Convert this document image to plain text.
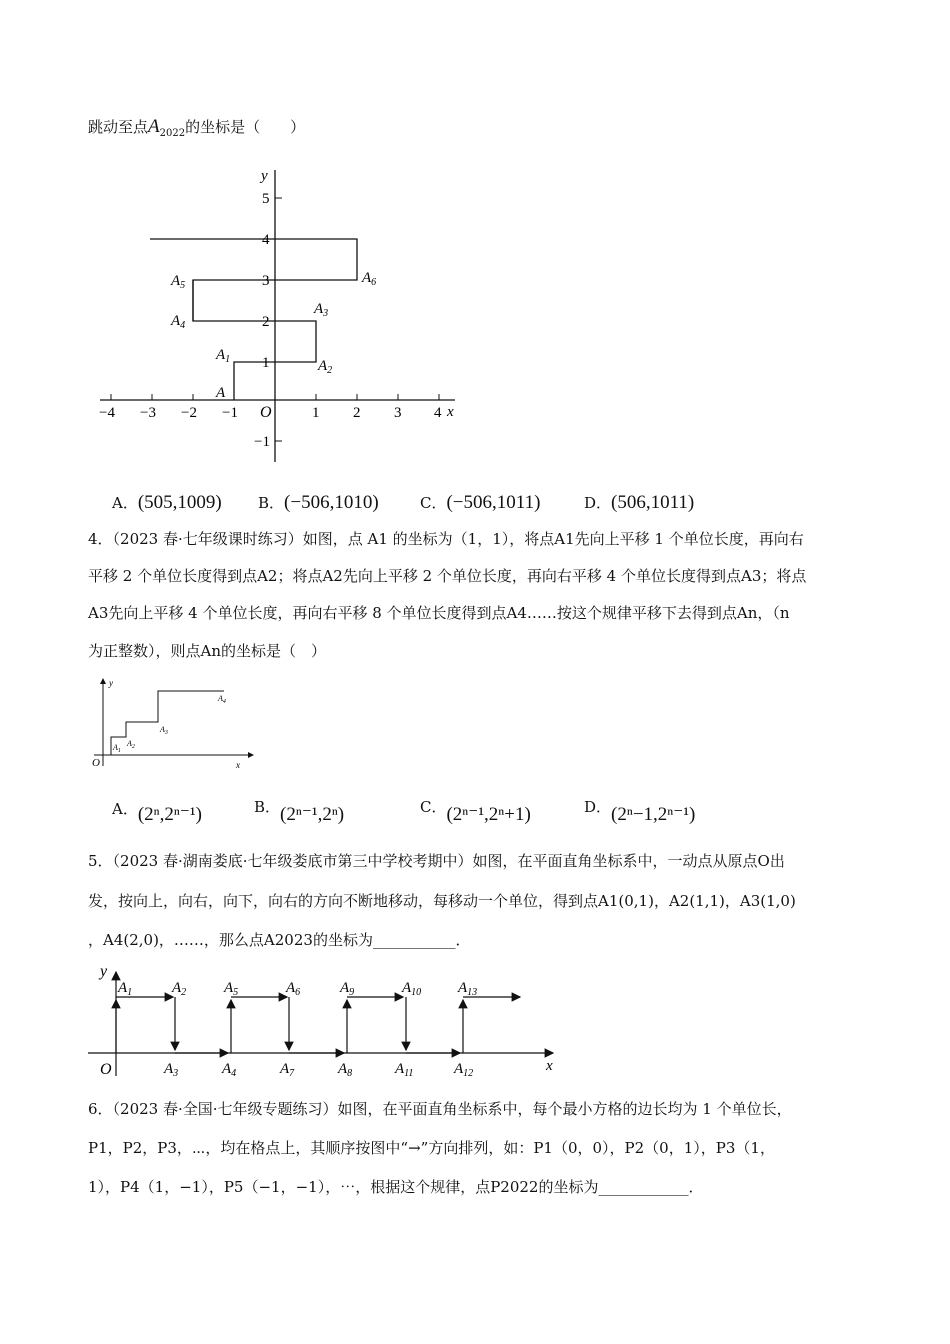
跳动至点$A_{2022}$的坐标是（　　）
y
x
O
5
4
3
2
1
−1
−4 −3 −2 −1	1 2 3 4
A
$A_1$	$A_2$
$A_3$
$A_4$
$A_5$	$A_6$
A．(505,1009) B．(−506,1010)	C．(−506,1011)	D．(506,1011)
4．（2023 春·七年级课时练习）如图，点 A1 的坐标为（1，1），将点A1先向上平移 1 个单位长度，再向右
平移 2 个单位长度得到点A2；将点A2先向上平移 2 个单位长度，再向右平移 4 个单位长度得到点A3；将点
A3先向上平移 4 个单位长度，再向右平移 8 个单位长度得到点A4……按这个规律平移下去得到点An，（n
为正整数），则点An的坐标是（　）
y
x
O
$A_1$
$A_2$
$A_3$
$A_4$
A．(2ⁿ,2ⁿ⁻¹)	B．(2ⁿ⁻¹,2ⁿ)	C．(2ⁿ⁻¹,2ⁿ+1)	D．(2ⁿ−1,2ⁿ⁻¹)
5．（2023 春·湖南娄底·七年级娄底市第三中学校考期中）如图，在平面直角坐标系中，一动点从原点O出
发，按向上，向右，向下，向右的方向不断地移动，每移动一个单位，得到点A1(0,1)，A2(1,1)，A3(1,0)
，A4(2,0)，……，那么点A2023的坐标为___________．
y
x
O
$A_1$	$A_2$	$A_5$	$A_6$	$A_9$	$A_{10}$ $A_{13}$
$A_3$	$A_4$	$A_7$	$A_8$	$A_{11}$	$A_{12}$
6．（2023 春·全国·七年级专题练习）如图，在平面直角坐标系中，每个最小方格的边长均为 1 个单位长，
P1，P2，P3，⋯，均在格点上，其顺序按图中“→”方向排列，如：P1（0，0），P2（0，1），P3（1，
1），P4（1，−1），P5（−1，−1），⋯，根据这个规律，点P2022的坐标为____________．
